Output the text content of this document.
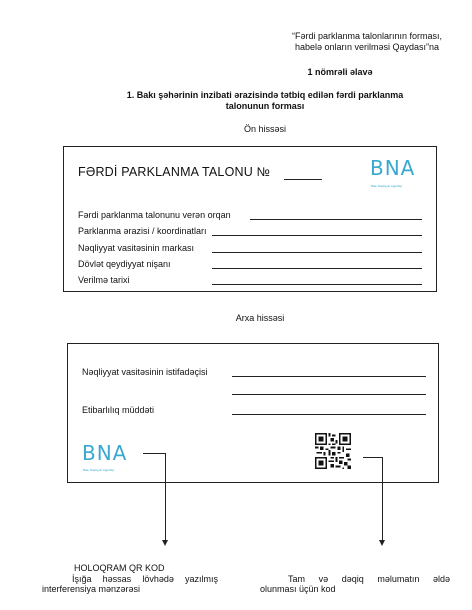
“Fərdi parklanma talonlarının forması,
habelə onların verilməsi Qaydası”na
1 nömrəli əlavə
1. Bakı şəhərinin inzibati ərazisində tətbiq edilən fərdi parklanma
talonunun forması
Ön hissəsi
FƏRDİ PARKLANMA TALONU №	BNA
Bakı Nəqliyyat Agentliyi
Fərdi parklanma talonunu verən orqan
Parklanma ərazisi / koordinatları
Nəqliyyat vasitəsinin markası
Dövlət qeydiyyat nişanı
Verilmə tarixi
Arxa hissəsi
Nəqliyyat vasitəsinin istifadəçisi
Etibarlılıq müddəti
BNA
Bakı Nəqliyyat Agentliyi
HOLOQRAM QR KOD
İşığa həssas lövhədə yazılmış
interferensiya mənzərəsi
Tam və dəqiq məlumatın əldə
olunması üçün kod
